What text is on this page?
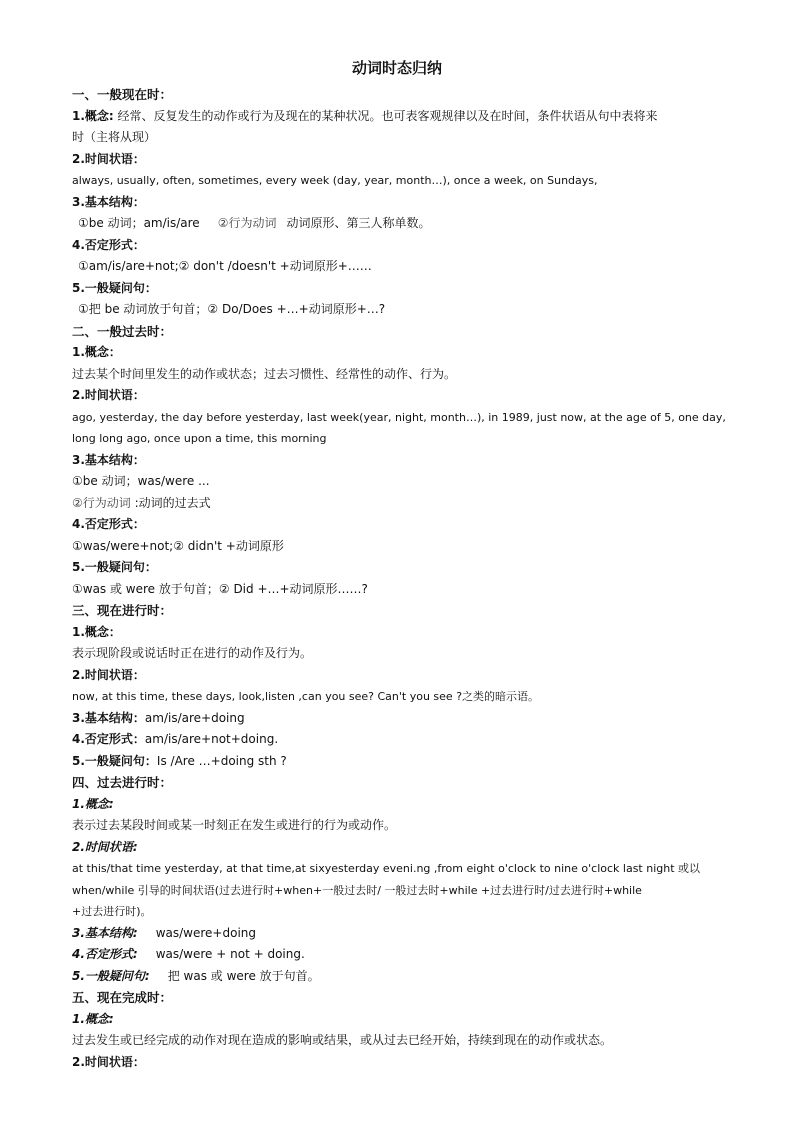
动词时态归纳
一、一般现在时：
1.概念: 经常、反复发生的动作或行为及现在的某种状况。也可表客观规律以及在时间，条件状语从句中表将来
时（主将从现）
2.时间状语：
always, usually, often, sometimes, every week (day, year, month…), once a week, on Sundays,
3.基本结构：
①be 动词；am/is/are ②行为动词 动词原形、第三人称单数。
4.否定形式：
①am/is/are+not;② don't /doesn't +动词原形+……
5.一般疑问句：
①把 be 动词放于句首；② Do/Does +…+动词原形+…?
二、一般过去时：
1.概念：
过去某个时间里发生的动作或状态；过去习惯性、经常性的动作、行为。
2.时间状语：
ago, yesterday, the day before yesterday, last week(year, night, month…), in 1989, just now, at the age of 5, one day,
long long ago, once upon a time, this morning
3.基本结构：
①be 动词；was/were ...
②行为动词 :动词的过去式
4.否定形式：
①was/were+not;② didn't +动词原形
5.一般疑问句：
①was 或 were 放于句首；② Did +…+动词原形……?
三、现在进行时：
1.概念：
表示现阶段或说话时正在进行的动作及行为。
2.时间状语：
now, at this time, these days, look,listen ,can you see? Can't you see ?之类的暗示语。
3.基本结构：am/is/are+doing
4.否定形式：am/is/are+not+doing.
5.一般疑问句：Is /Are …+doing sth ?
四、过去进行时：
1.概念:
表示过去某段时间或某一时刻正在发生或进行的行为或动作。
2.时间状语:
at this/that time yesterday, at that time,at sixyesterday eveni.ng ,from eight o'clock to nine o'clock last night 或以
when/while 引导的时间状语(过去进行时+when+一般过去时/ 一般过去时+while +过去进行时/过去进行时+while
+过去进行时)。
3.基本结构: was/were+doing
4.否定形式: was/were + not + doing.
5.一般疑问句: 把 was 或 were 放于句首。
五、现在完成时：
1.概念:
过去发生或已经完成的动作对现在造成的影响或结果，或从过去已经开始，持续到现在的动作或状态。
2.时间状语：
